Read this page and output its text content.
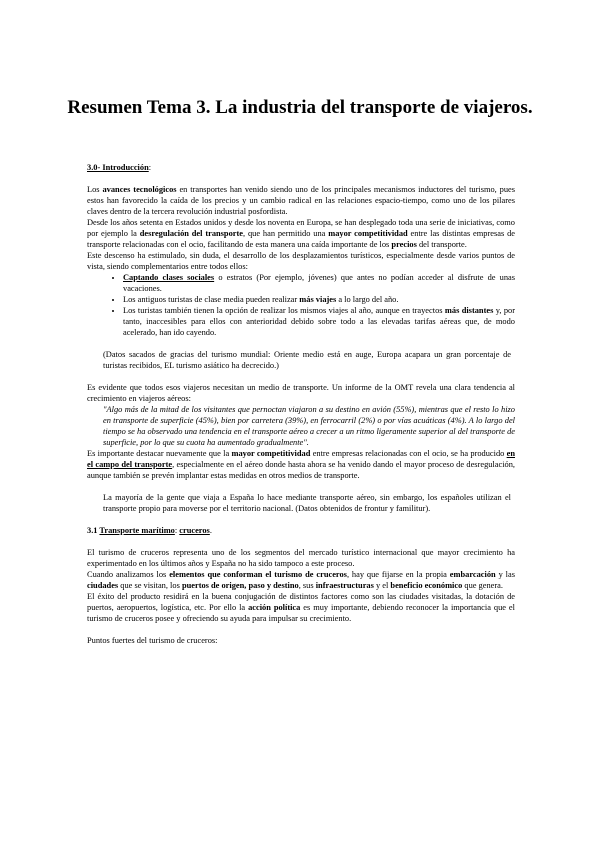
Resumen Tema 3. La industria del transporte de viajeros.

3.0- Introducción:

Los avances tecnológicos en transportes han venido siendo uno de los principales mecanismos inductores del turismo, pues estos han favorecido la caída de los precios y un cambio radical en las relaciones espacio-tiempo, como uno de los pilares claves dentro de la tercera revolución industrial posfordista.

Desde los años setenta en Estados unidos y desde los noventa en Europa, se han desplegado toda una serie de iniciativas, como por ejemplo la desregulación del transporte, que han permitido una mayor competitividad entre las distintas empresas de transporte relacionadas con el ocio, facilitando de esta manera una caída importante de los precios del transporte.

Este descenso ha estimulado, sin duda, el desarrollo de los desplazamientos turísticos, especialmente desde varios puntos de vista, siendo complementarios entre todos ellos:

• Captando clases sociales o estratos (Por ejemplo, jóvenes) que antes no podían acceder al disfrute de unas vacaciones.
• Los antiguos turistas de clase media pueden realizar más viajes a lo largo del año.
• Los turistas también tienen la opción de realizar los mismos viajes al año, aunque en trayectos más distantes y, por tanto, inaccesibles para ellos con anterioridad debido sobre todo a las elevadas tarifas aéreas que, de modo acelerado, han ido cayendo.

(Datos sacados de gracias del turismo mundial: Oriente medio está en auge, Europa acapara un gran porcentaje de turistas recibidos, EL turismo asiático ha decrecido.)

Es evidente que todos esos viajeros necesitan un medio de transporte. Un informe de la OMT revela una clara tendencia al crecimiento en viajeros aéreos:

"Algo más de la mitad de los visitantes que pernoctan viajaron a su destino en avión (55%), mientras que el resto lo hizo en transporte de superficie (45%), bien por carretera (39%), en ferrocarril (2%) o por vías acuáticas (4%). A lo largo del tiempo se ha observado una tendencia en el transporte aéreo a crecer a un ritmo ligeramente superior al del transporte de superficie, por lo que su cuota ha aumentado gradualmente".

Es importante destacar nuevamente que la mayor competitividad entre empresas relacionadas con el ocio, se ha producido en el campo del transporte, especialmente en el aéreo donde hasta ahora se ha venido dando el mayor proceso de desregulación, aunque también se prevén implantar estas medidas en otros medios de transporte.

La mayoría de la gente que viaja a España lo hace mediante transporte aéreo, sin embargo, los españoles utilizan el transporte propio para moverse por el territorio nacional. (Datos obtenidos de frontur y familitur).

3.1 Transporte marítimo: cruceros.

El turismo de cruceros representa uno de los segmentos del mercado turístico internacional que mayor crecimiento ha experimentado en los últimos años y España no ha sido tampoco a este proceso.

Cuando analizamos los elementos que conforman el turismo de cruceros, hay que fijarse en la propia embarcación y las ciudades que se visitan, los puertos de origen, paso y destino, sus infraestructuras y el beneficio económico que genera.

El éxito del producto residirá en la buena conjugación de distintos factores como son las ciudades visitadas, la dotación de puertos, aeropuertos, logística, etc. Por ello la acción política es muy importante, debiendo reconocer la importancia que el turismo de cruceros posee y ofreciendo su ayuda para impulsar su crecimiento.

Puntos fuertes del turismo de cruceros:
